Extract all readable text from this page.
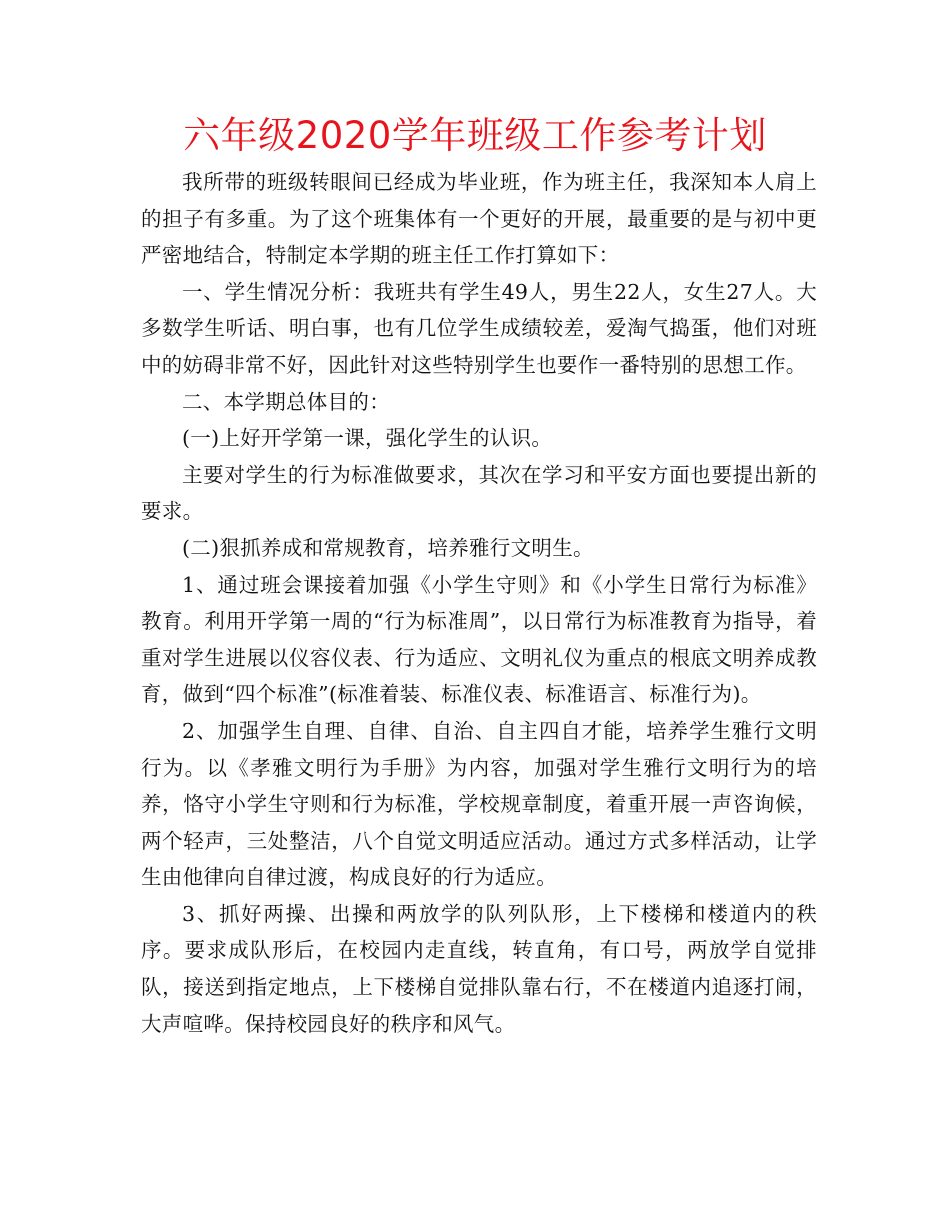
六年级2020学年班级工作参考计划

我所带的班级转眼间已经成为毕业班，作为班主任，我深知本人肩上的担子有多重。为了这个班集体有一个更好的开展，最重要的是与初中更严密地结合，特制定本学期的班主任工作打算如下：

一、学生情况分析：我班共有学生49人，男生22人，女生27人。大多数学生听话、明白事，也有几位学生成绩较差，爱淘气捣蛋，他们对班中的妨碍非常不好，因此针对这些特别学生也要作一番特别的思想工作。

二、本学期总体目的：

(一)上好开学第一课，强化学生的认识。

主要对学生的行为标准做要求，其次在学习和平安方面也要提出新的要求。

(二)狠抓养成和常规教育，培养雅行文明生。

1、通过班会课接着加强《小学生守则》和《小学生日常行为标准》教育。利用开学第一周的“行为标准周”，以日常行为标准教育为指导，着重对学生进展以仪容仪表、行为适应、文明礼仪为重点的根底文明养成教育，做到“四个标准”(标准着装、标准仪表、标准语言、标准行为)。

2、加强学生自理、自律、自治、自主四自才能，培养学生雅行文明行为。以《孝雅文明行为手册》为内容，加强对学生雅行文明行为的培养，恪守小学生守则和行为标准，学校规章制度，着重开展一声咨询候，两个轻声，三处整洁，八个自觉文明适应活动。通过方式多样活动，让学生由他律向自律过渡，构成良好的行为适应。

3、抓好两操、出操和两放学的队列队形，上下楼梯和楼道内的秩序。要求成队形后，在校园内走直线，转直角，有口号，两放学自觉排队，接送到指定地点，上下楼梯自觉排队靠右行，不在楼道内追逐打闹，大声喧哗。保持校园良好的秩序和风气。
